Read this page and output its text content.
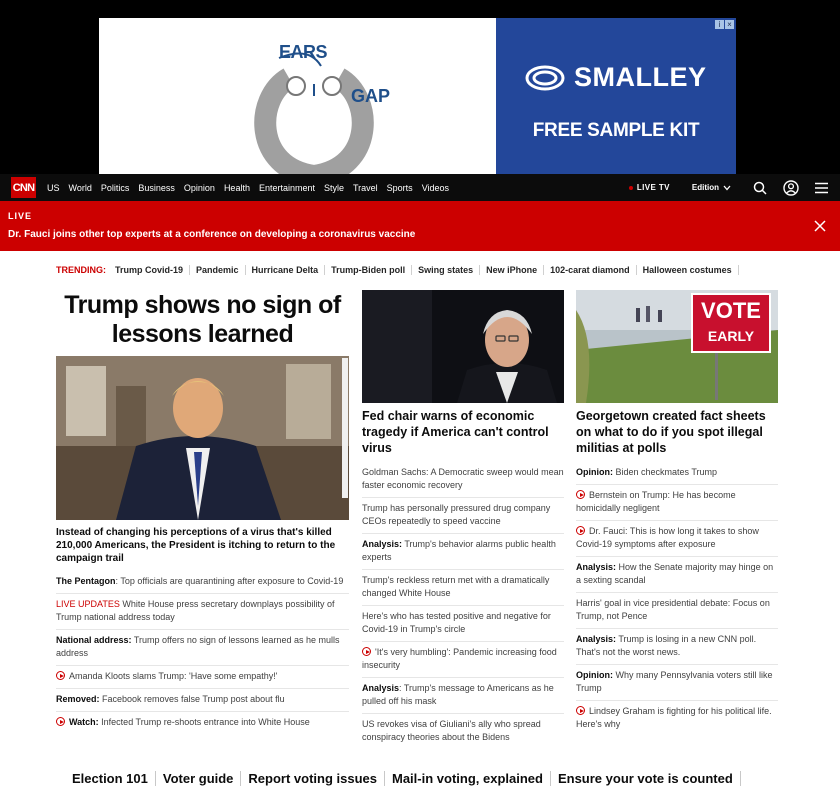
EARS
GAP
i ×
SMALLEY
FREE SAMPLE KIT
CNN US World Politics Business Opinion Health Entertainment Style Travel Sports Videos	LIVE TV	Edition
LIVE
Dr. Fauci joins other top experts at a conference on developing a coronavirus vaccine
TRENDING:	Trump Covid-19	Pandemic	Hurricane Delta	Trump-Biden poll	Swing states	New iPhone	102-carat diamond	Halloween costumes
Trump shows no sign of lessons learned
Instead of changing his perceptions of a virus that's killed 210,000 Americans, the President is itching to return to the campaign trail
The Pentagon: Top officials are quarantining after exposure to Covid-19
LIVE UPDATES White House press secretary downplays possibility of Trump national address today
National address: Trump offers no sign of lessons learned as he mulls address
Amanda Kloots slams Trump: 'Have some empathy!'
Removed: Facebook removes false Trump post about flu
Watch: Infected Trump re-shoots entrance into White House
Fed chair warns of economic tragedy if America can't control virus
Goldman Sachs: A Democratic sweep would mean faster economic recovery
Trump has personally pressured drug company CEOs repeatedly to speed vaccine
Analysis: Trump's behavior alarms public health experts
Trump's reckless return met with a dramatically changed White House
Here's who has tested positive and negative for Covid-19 in Trump's circle
'It's very humbling': Pandemic increasing food insecurity
Analysis: Trump's message to Americans as he pulled off his mask
US revokes visa of Giuliani's ally who spread conspiracy theories about the Bidens
VOTE
EARLY
Georgetown created fact sheets on what to do if you spot illegal militias at polls
Opinion: Biden checkmates Trump
Bernstein on Trump: He has become homicidally negligent
Dr. Fauci: This is how long it takes to show Covid-19 symptoms after exposure
Analysis: How the Senate majority may hinge on a sexting scandal
Harris' goal in vice presidential debate: Focus on Trump, not Pence
Analysis: Trump is losing in a new CNN poll. That's not the worst news.
Opinion: Why many Pennsylvania voters still like Trump
Lindsey Graham is fighting for his political life. Here's why
Election 101	Voter guide	Report voting issues	Mail-in voting, explained	Ensure your vote is counted
